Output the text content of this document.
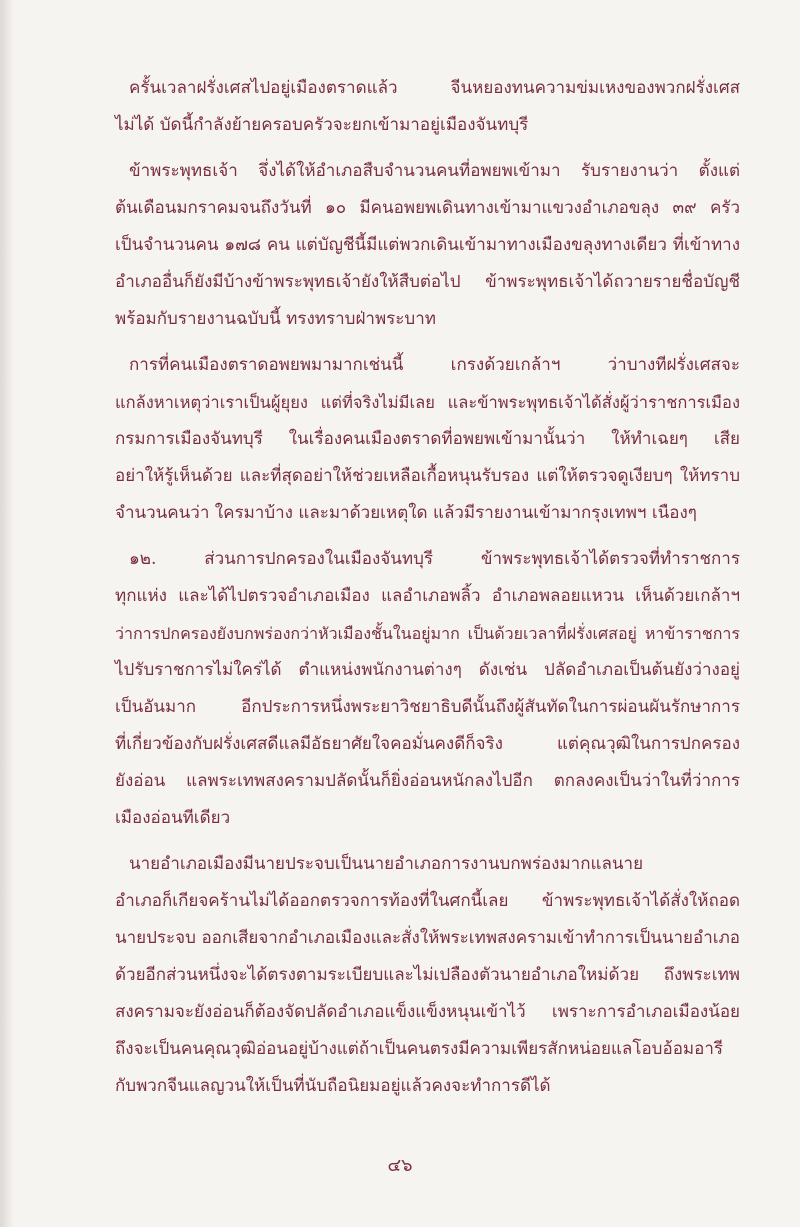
ครั้นเวลาฝรั่งเศสไปอยู่เมืองตราดแล้ว จีนหยองทนความข่มเหงของพวกฝรั่งเศส
ไม่ได้ บัดนี้กำลังย้ายครอบครัวจะยกเข้ามาอยู่เมืองจันทบุรี
ข้าพระพุทธเจ้า จึ่งได้ให้อำเภอสืบจำนวนคนที่อพยพเข้ามา รับรายงานว่า ตั้งแต่
ต้นเดือนมกราคมจนถึงวันที่ ๑๐ มีคนอพยพเดินทางเข้ามาแขวงอำเภอขลุง ๓๙ ครัว
เป็นจำนวนคน ๑๗๘ คน แต่บัญชีนี้มีแต่พวกเดินเข้ามาทางเมืองขลุงทางเดียว ที่เข้าทาง
อำเภออื่นก็ยังมีบ้างข้าพระพุทธเจ้ายังให้สืบต่อไป ข้าพระพุทธเจ้าได้ถวายรายชื่อบัญชี
พร้อมกับรายงานฉบับนี้ ทรงทราบฝ่าพระบาท
การที่คนเมืองตราดอพยพมามากเช่นนี้ เกรงด้วยเกล้าฯ ว่าบางทีฝรั่งเศสจะ
แกล้งหาเหตุว่าเราเป็นผู้ยุยง แต่ที่จริงไม่มีเลย และข้าพระพุทธเจ้าได้สั่งผู้ว่าราชการเมือง
กรมการเมืองจันทบุรี ในเรื่องคนเมืองตราดที่อพยพเข้ามานั้นว่า ให้ทำเฉยๆ เสีย
อย่าให้รู้เห็นด้วย และที่สุดอย่าให้ช่วยเหลือเกื้อหนุนรับรอง แต่ให้ตรวจดูเงียบๆ ให้ทราบ
จำนวนคนว่า ใครมาบ้าง และมาด้วยเหตุใด แล้วมีรายงานเข้ามากรุงเทพฯ เนืองๆ
๑๒. ส่วนการปกครองในเมืองจันทบุรี ข้าพระพุทธเจ้าได้ตรวจที่ทำราชการ
ทุกแห่ง และได้ไปตรวจอำเภอเมือง แลอำเภอพลิ้ว อำเภอพลอยแหวน เห็นด้วยเกล้าฯ
ว่าการปกครองยังบกพร่องกว่าหัวเมืองชั้นในอยู่มาก เป็นด้วยเวลาที่ฝรั่งเศสอยู่ หาข้าราชการ
ไปรับราชการไม่ใคร่ได้ ตำแหน่งพนักงานต่างๆ ดังเช่น ปลัดอำเภอเป็นต้นยังว่างอยู่
เป็นอันมาก อีกประการหนึ่งพระยาวิชยาธิบดีนั้นถึงผู้สันทัดในการผ่อนผันรักษาการ
ที่เกี่ยวข้องกับฝรั่งเศสดีแลมีอัธยาศัยใจคอมั่นคงดีก็จริง แต่คุณวุฒิในการปกครอง
ยังอ่อน แลพระเทพสงครามปลัดนั้นก็ยิ่งอ่อนหนักลงไปอีก ตกลงคงเป็นว่าในที่ว่าการ
เมืองอ่อนทีเดียว
นายอำเภอเมืองมีนายประจบเป็นนายอำเภอการงานบกพร่องมากแลนาย
อำเภอก็เกียจคร้านไม่ได้ออกตรวจการท้องที่ในศกนี้เลย ข้าพระพุทธเจ้าได้สั่งให้ถอด
นายประจบ ออกเสียจากอำเภอเมืองและสั่งให้พระเทพสงครามเข้าทำการเป็นนายอำเภอ
ด้วยอีกส่วนหนึ่งจะได้ตรงตามระเบียบและไม่เปลืองตัวนายอำเภอใหม่ด้วย ถึงพระเทพ
สงครามจะยังอ่อนก็ต้องจัดปลัดอำเภอแข็งแข็งหนุนเข้าไว้ เพราะการอำเภอเมืองน้อย
ถึงจะเป็นคนคุณวุฒิอ่อนอยู่บ้างแต่ถ้าเป็นคนตรงมีความเพียรสักหน่อยแลโอบอ้อมอารี
กับพวกจีนแลญวนให้เป็นที่นับถือนิยมอยู่แล้วคงจะทำการดีได้
๔๖
